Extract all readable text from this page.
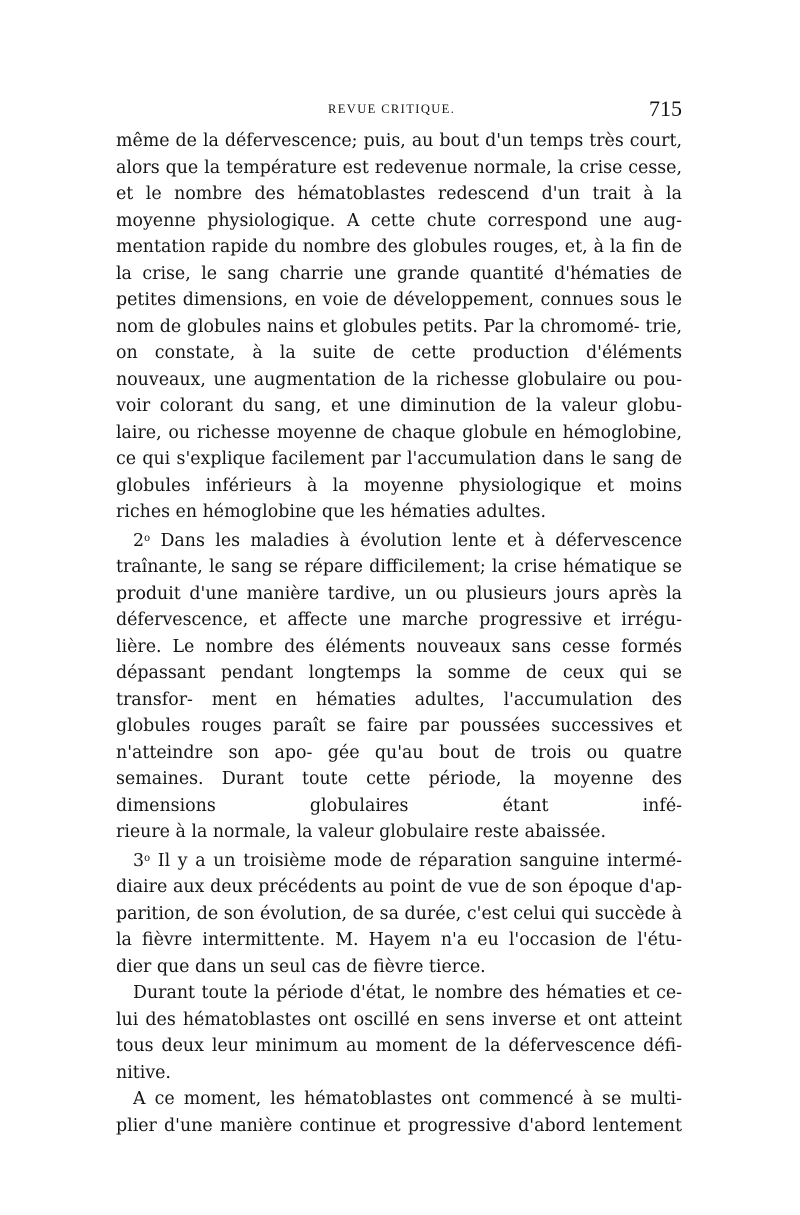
REVUE CRITIQUE.	715

même de la défervescence; puis, au bout d'un temps très court, alors que la température est redevenue normale, la crise cesse, et le nombre des hématoblastes redescend d'un trait à la moyenne physiologique. A cette chute correspond une aug- mentation rapide du nombre des globules rouges, et, à la fin de la crise, le sang charrie une grande quantité d'hématies de petites dimensions, en voie de développement, connues sous le nom de globules nains et globules petits. Par la chromomé- trie, on constate, à la suite de cette production d'éléments nouveaux, une augmentation de la richesse globulaire ou pou- voir colorant du sang, et une diminution de la valeur globu- laire, ou richesse moyenne de chaque globule en hémoglobine, ce qui s'explique facilement par l'accumulation dans le sang de globules inférieurs à la moyenne physiologique et moins

riches en hémoglobine que les hématies adultes.

2$^o$ Dans les maladies à évolution lente et à défervescence traînante, le sang se répare difficilement; la crise hématique se produit d'une manière tardive, un ou plusieurs jours après la défervescence, et affecte une marche progressive et irrégu- lière. Le nombre des éléments nouveaux sans cesse formés dépassant pendant longtemps la somme de ceux qui se transfor- ment en hématies adultes, l'accumulation des globules rouges paraît se faire par poussées successives et n'atteindre son apo- gée qu'au bout de trois ou quatre semaines. Durant toute cette période, la moyenne des dimensions globulaires étant infé-

rieure à la normale, la valeur globulaire reste abaissée.

3$^o$ Il y a un troisième mode de réparation sanguine intermé- diaire aux deux précédents au point de vue de son époque d'ap- parition, de son évolution, de sa durée, c'est celui qui succède à la fièvre intermittente. M. Hayem n'a eu l'occasion de l'étu-

dier que dans un seul cas de fièvre tierce.

Durant toute la période d'état, le nombre des hématies et ce- lui des hématoblastes ont oscillé en sens inverse et ont atteint tous deux leur minimum au moment de la défervescence défi-

nitive.

A ce moment, les hématoblastes ont commencé à se multi- plier d'une manière continue et progressive d'abord lentement
